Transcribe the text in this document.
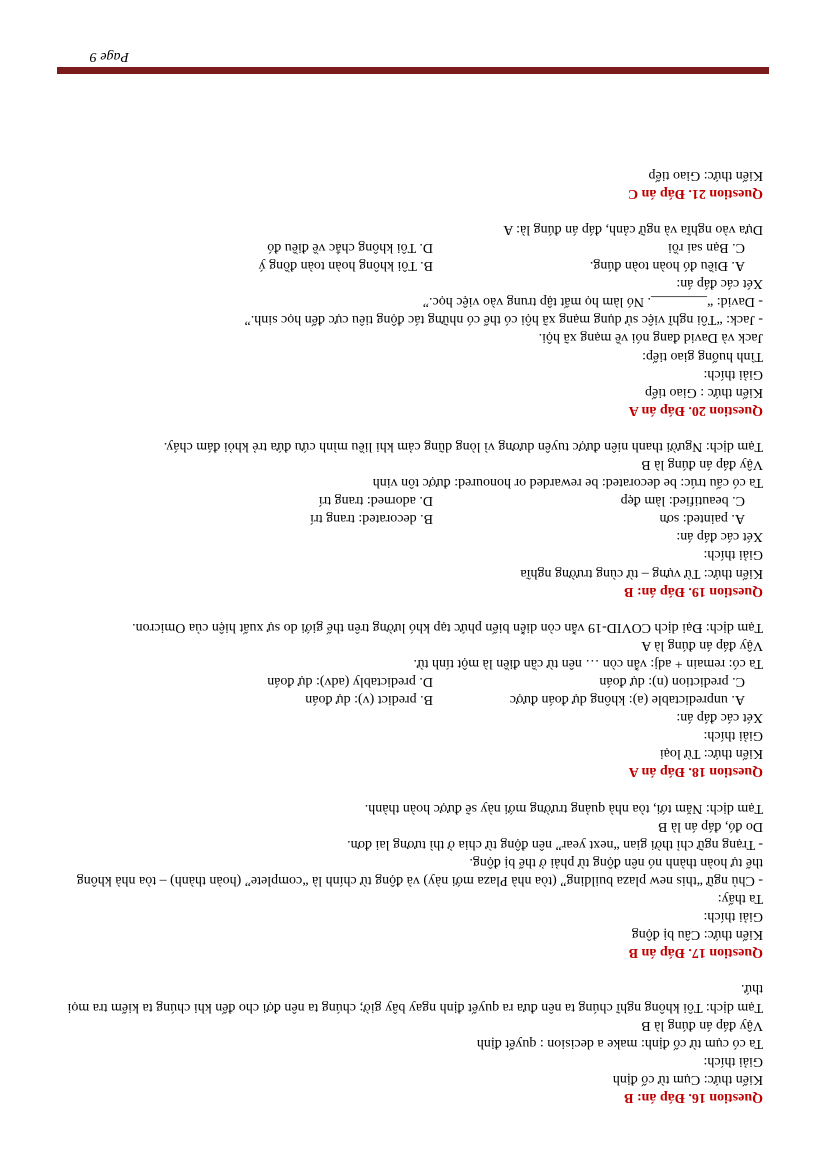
Question 16. Đáp án: B
Kiến thức: Cụm từ cố định
Giải thích:
Ta có cụm từ cố định: make a decision : quyết định
Vậy đáp án đúng là B
Tạm dịch: Tôi không nghĩ chúng ta nên đưa ra quyết định ngay bây giờ; chúng ta nên đợi cho đến khi chúng ta kiểm tra mọi thứ.
Question 17. Đáp án B
Kiến thức: Câu bị động
Giải thích:
Ta thấy:
- Chủ ngữ “this new plaza building” (tòa nhà Plaza mới này) và động từ chính là “complete” (hoàn thành) – tòa nhà không thể tự hoàn thành nó nên động từ phải ở thể bị động.
- Trạng ngữ chỉ thời gian “next year” nên động từ chia ở thì tương lai đơn.
Do đó, đáp án là B
Tạm dịch: Năm tới, tòa nhà quảng trường mới này sẽ được hoàn thành.
Question 18. Đáp án A
Kiến thức: Từ loại
Giải thích:
Xét các đáp án:
A. unpredictable (a): không dự đoán được
B. predict (v): dự đoán
C. prediction (n): dự đoán
D. predictably (adv): dự đoán
Ta có: remain + adj: vẫn còn … nên từ cần điền là một tính từ.
Vậy đáp án đúng là A
Tạm dịch: Đại dịch COVID-19 vẫn còn diễn biến phức tạp khó lường trên thế giới do sự xuất hiện của Omicron.
Question 19. Đáp án: B
Kiến thức: Từ vựng – từ cùng trường nghĩa
Giải thích:
Xét các đáp án:
A. painted: sơn
B. decorated: trang trí
C. beautified: làm đẹp
D. adorned: trang trí
Ta có cấu trúc: be decorated: be rewarded or honoured: được tôn vinh
Vậy đáp án đúng là B
Tạm dịch: Người thanh niên được tuyên dương vì lòng dũng cảm khi liều mình cứu đứa trẻ khỏi đám cháy.
Question 20. Đáp án A
Kiến thức : Giao tiếp
Giải thích:
Tình huống giao tiếp:
Jack và David đang nói về mạng xã hội.
- Jack: “Tôi nghĩ việc sử dụng mạng xã hội có thể có những tác động tiêu cực đến học sinh.”
- David: “________. Nó làm họ mất tập trung vào việc học.”
Xét các đáp án:
A. Điều đó hoàn toàn đúng.
B. Tôi không hoàn toàn đồng ý
C. Bạn sai rồi
D. Tôi không chắc về điều đó
Dựa vào nghĩa và ngữ cảnh, đáp án đúng là: A
Question 21. Đáp án C
Kiến thức: Giao tiếp
Page 9
